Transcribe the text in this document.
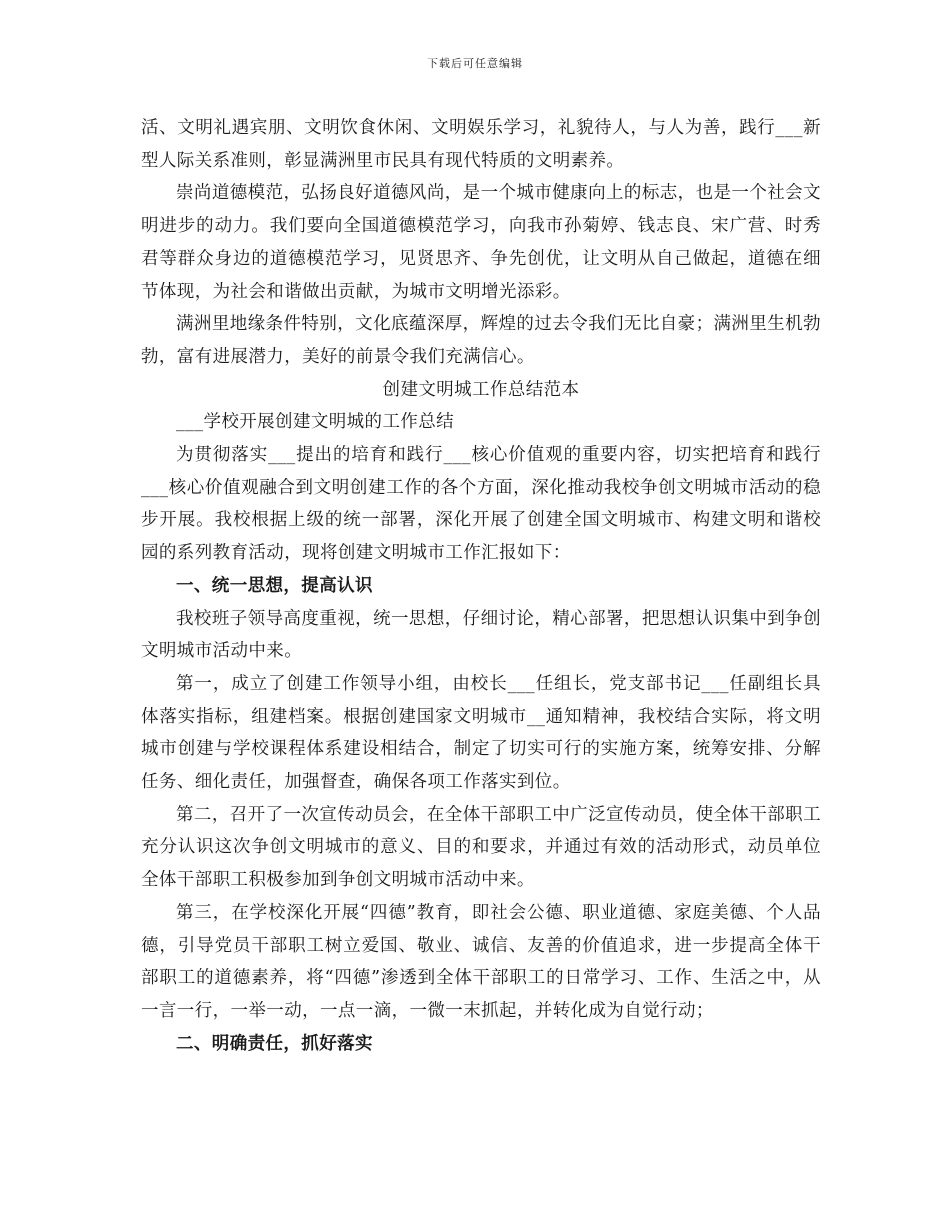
下载后可任意编辑

活、文明礼遇宾朋、文明饮食休闲、文明娱乐学习，礼貌待人，与人为善，践行___新型人际关系准则，彰显满洲里市民具有现代特质的文明素养。

崇尚道德模范，弘扬良好道德风尚，是一个城市健康向上的标志，也是一个社会文明进步的动力。我们要向全国道德模范学习，向我市孙菊婷、钱志良、宋广营、时秀君等群众身边的道德模范学习，见贤思齐、争先创优，让文明从自己做起，道德在细节体现，为社会和谐做出贡献，为城市文明增光添彩。

满洲里地缘条件特别，文化底蕴深厚，辉煌的过去令我们无比自豪；满洲里生机勃勃，富有进展潜力，美好的前景令我们充满信心。

创建文明城工作总结范本

___学校开展创建文明城的工作总结

为贯彻落实___提出的培育和践行___核心价值观的重要内容，切实把培育和践行___核心价值观融合到文明创建工作的各个方面，深化推动我校争创文明城市活动的稳步开展。我校根据上级的统一部署，深化开展了创建全国文明城市、构建文明和谐校园的系列教育活动，现将创建文明城市工作汇报如下：

一、统一思想，提高认识

我校班子领导高度重视，统一思想，仔细讨论，精心部署，把思想认识集中到争创文明城市活动中来。

第一，成立了创建工作领导小组，由校长___任组长，党支部书记___任副组长具体落实指标，组建档案。根据创建国家文明城市__通知精神，我校结合实际，将文明城市创建与学校课程体系建设相结合，制定了切实可行的实施方案，统筹安排、分解任务、细化责任，加强督查，确保各项工作落实到位。

第二，召开了一次宣传动员会，在全体干部职工中广泛宣传动员，使全体干部职工充分认识这次争创文明城市的意义、目的和要求，并通过有效的活动形式，动员单位全体干部职工积极参加到争创文明城市活动中来。

第三，在学校深化开展“四德”教育，即社会公德、职业道德、家庭美德、个人品德，引导党员干部职工树立爱国、敬业、诚信、友善的价值追求，进一步提高全体干部职工的道德素养，将“四德”渗透到全体干部职工的日常学习、工作、生活之中，从一言一行，一举一动，一点一滴，一微一末抓起，并转化成为自觉行动；

二、明确责任，抓好落实
